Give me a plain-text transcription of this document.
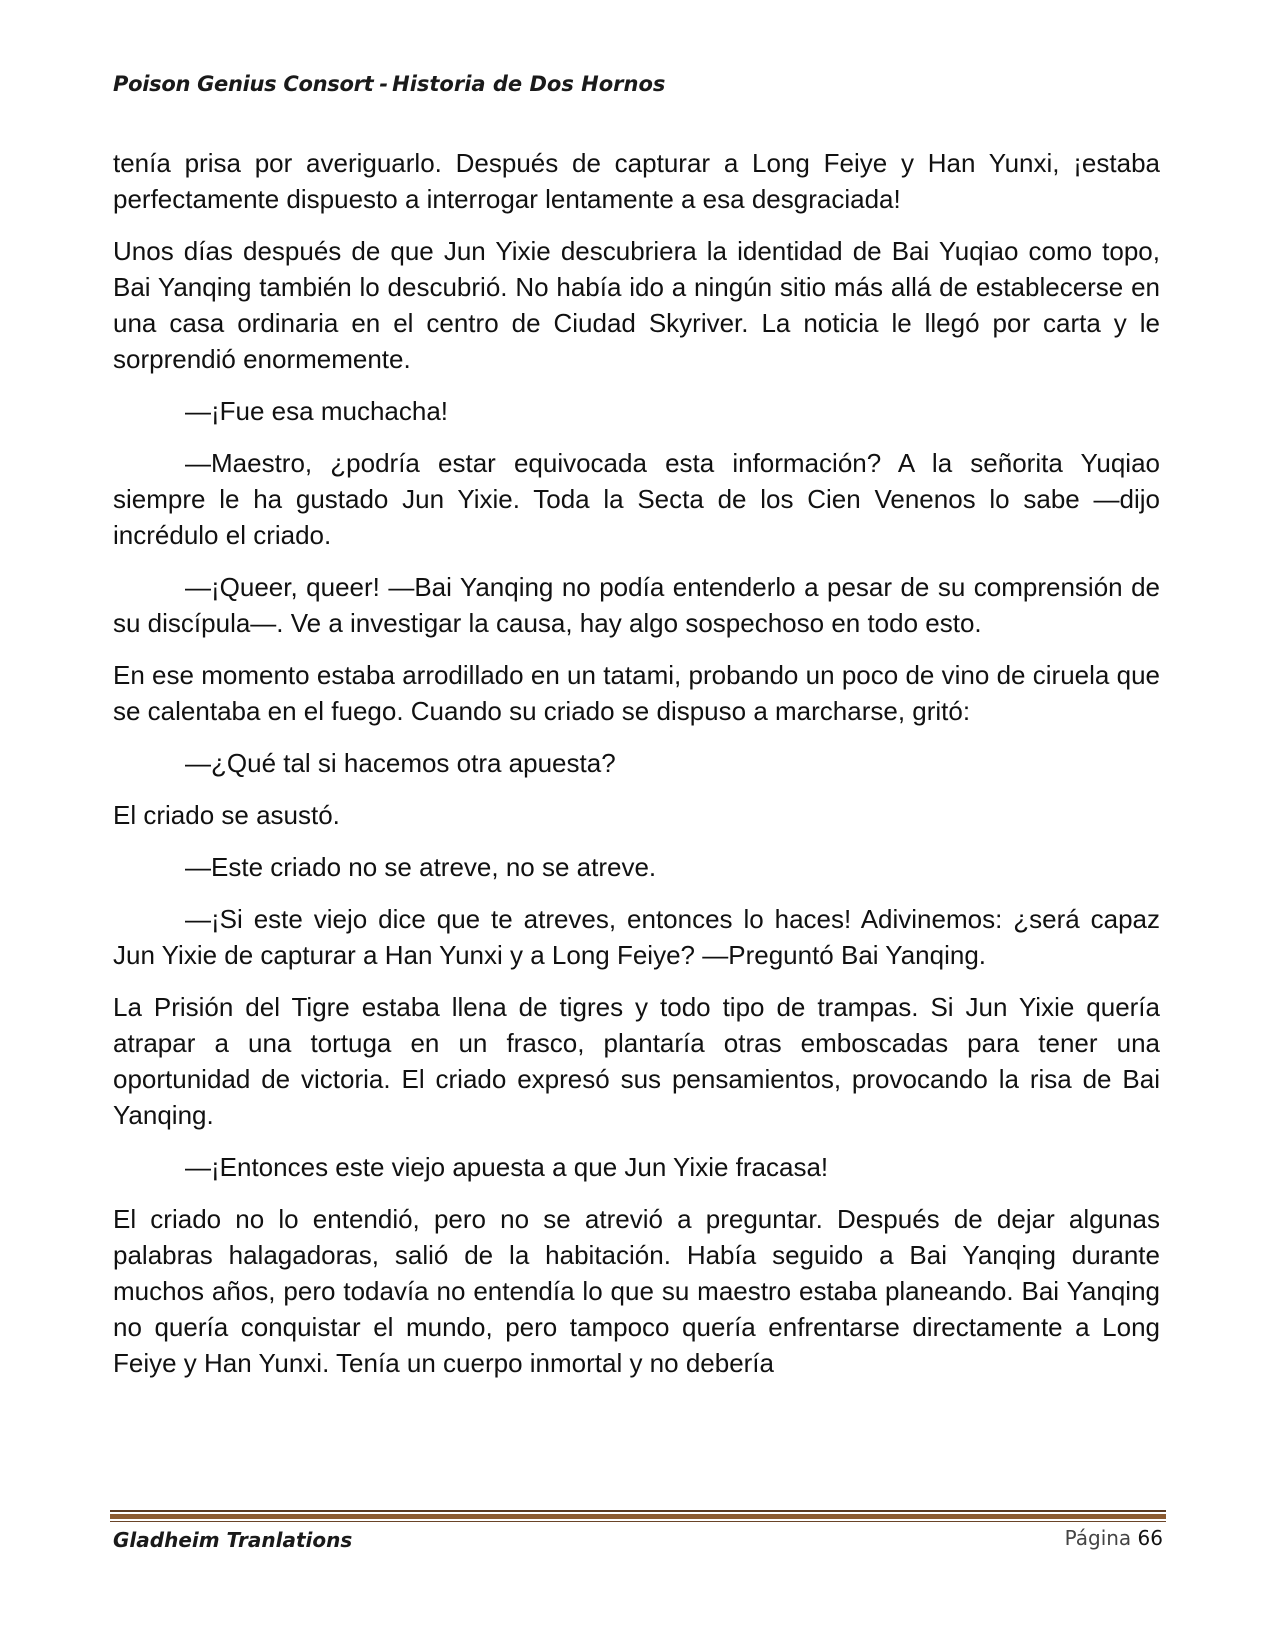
Poison Genius Consort - Historia de Dos Hornos

tenía prisa por averiguarlo. Después de capturar a Long Feiye y Han Yunxi, ¡estaba perfectamente dispuesto a interrogar lentamente a esa desgraciada!

Unos días después de que Jun Yixie descubriera la identidad de Bai Yuqiao como topo, Bai Yanqing también lo descubrió. No había ido a ningún sitio más allá de establecerse en una casa ordinaria en el centro de Ciudad Skyriver. La noticia le llegó por carta y le sorprendió enormemente.

—¡Fue esa muchacha!

—Maestro, ¿podría estar equivocada esta información? A la señorita Yuqiao siempre le ha gustado Jun Yixie. Toda la Secta de los Cien Venenos lo sabe —dijo incrédulo el criado.

—¡Queer, queer! —Bai Yanqing no podía entenderlo a pesar de su comprensión de su discípula—. Ve a investigar la causa, hay algo sospechoso en todo esto.

En ese momento estaba arrodillado en un tatami, probando un poco de vino de ciruela que se calentaba en el fuego. Cuando su criado se dispuso a marcharse, gritó:

—¿Qué tal si hacemos otra apuesta?

El criado se asustó.

—Este criado no se atreve, no se atreve.

—¡Si este viejo dice que te atreves, entonces lo haces! Adivinemos: ¿será capaz Jun Yixie de capturar a Han Yunxi y a Long Feiye? —Preguntó Bai Yanqing.

La Prisión del Tigre estaba llena de tigres y todo tipo de trampas. Si Jun Yixie quería atrapar a una tortuga en un frasco, plantaría otras emboscadas para tener una oportunidad de victoria. El criado expresó sus pensamientos, provocando la risa de Bai Yanqing.

—¡Entonces este viejo apuesta a que Jun Yixie fracasa!

El criado no lo entendió, pero no se atrevió a preguntar. Después de dejar algunas palabras halagadoras, salió de la habitación. Había seguido a Bai Yanqing durante muchos años, pero todavía no entendía lo que su maestro estaba planeando. Bai Yanqing no quería conquistar el mundo, pero tampoco quería enfrentarse directamente a Long Feiye y Han Yunxi. Tenía un cuerpo inmortal y no debería

Gladheim Tranlations	Página 66
